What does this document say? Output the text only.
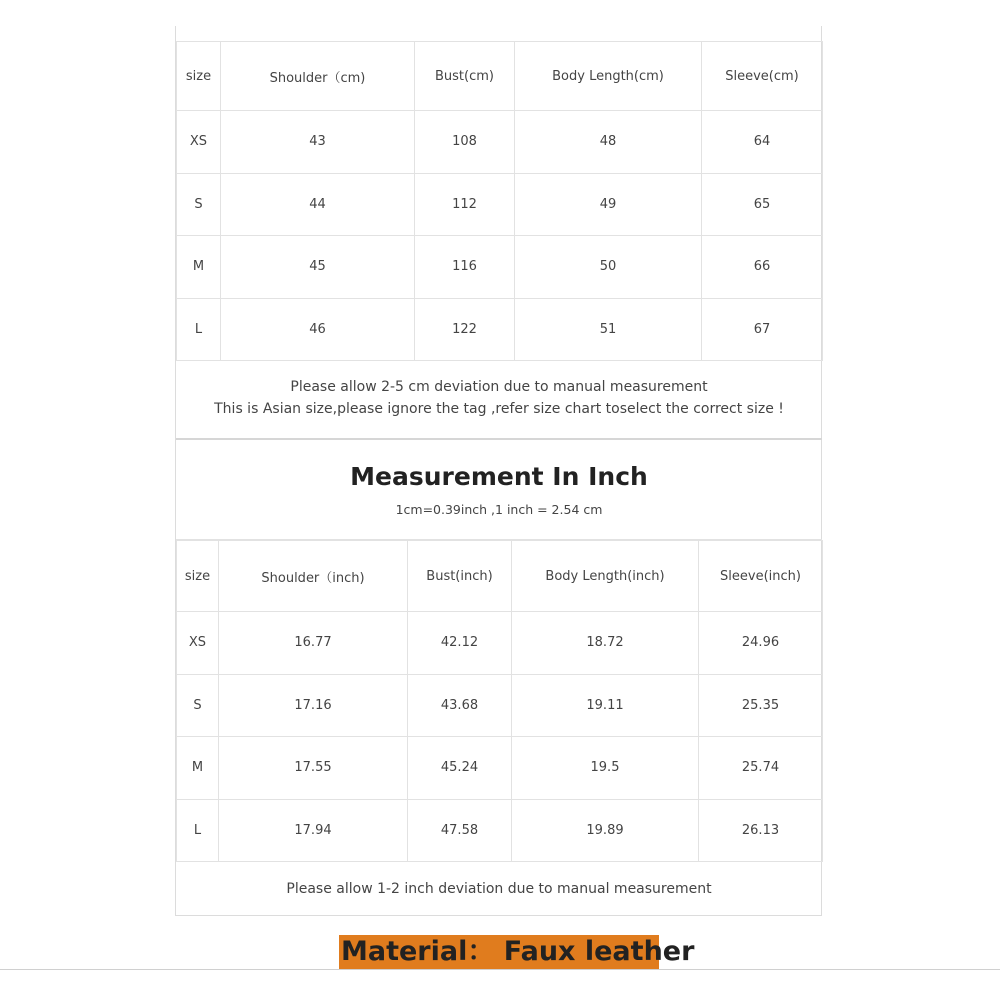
size	Shoulder（cm)	Bust(cm)	Body Length(cm)	Sleeve(cm)
XS	43	108	48	64
S	44	112	49	65
M	45	116	50	66
L	46	122	51	67
Please allow 2-5 cm deviation due to manual measurement
This is Asian size,please ignore the tag ,refer size chart toselect the correct size !
Measurement In Inch
1cm=0.39inch ,1 inch = 2.54 cm
size	Shoulder（inch)	Bust(inch)	Body Length(inch)	Sleeve(inch)
XS	16.77	42.12	18.72	24.96
S	17.16	43.68	19.11	25.35
M	17.55	45.24	19.5	25.74
L	17.94	47.58	19.89	26.13
Please allow 1-2 inch deviation due to manual measurement
Material： Faux leather
